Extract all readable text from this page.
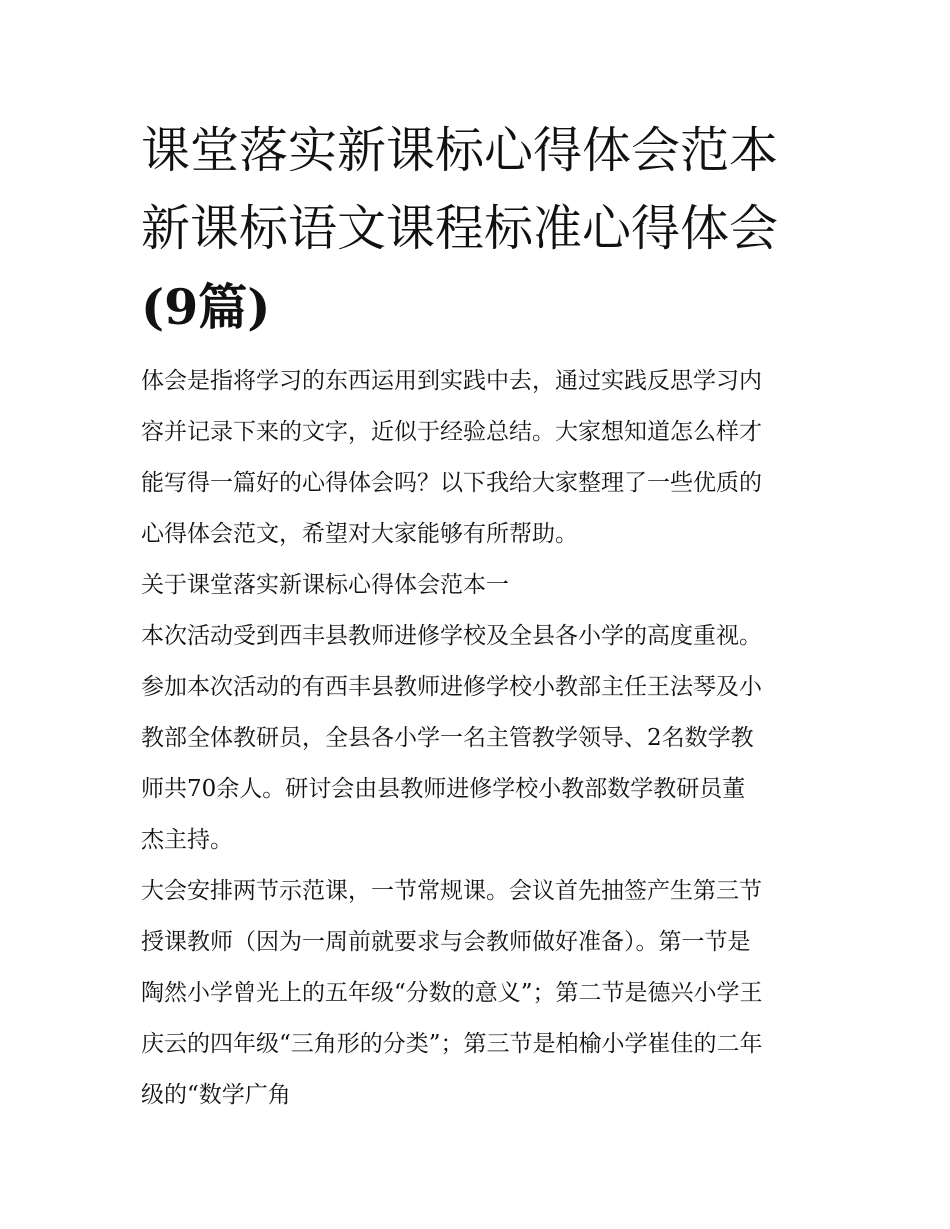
课堂落实新课标心得体会范本
新课标语文课程标准心得体会
(9篇)

体会是指将学习的东西运用到实践中去，通过实践反思学习内
容并记录下来的文字，近似于经验总结。大家想知道怎么样才
能写得一篇好的心得体会吗？以下我给大家整理了一些优质的
心得体会范文，希望对大家能够有所帮助。

关于课堂落实新课标心得体会范本一

本次活动受到西丰县教师进修学校及全县各小学的高度重视。
参加本次活动的有西丰县教师进修学校小教部主任王法琴及小
教部全体教研员，全县各小学一名主管教学领导、2名数学教
师共70余人。研讨会由县教师进修学校小教部数学教研员董
杰主持。

大会安排两节示范课，一节常规课。会议首先抽签产生第三节
授课教师（因为一周前就要求与会教师做好准备）。第一节是
陶然小学曾光上的五年级“分数的意义”；第二节是德兴小学王
庆云的四年级“三角形的分类”；第三节是柏榆小学崔佳的二年
级的“数学广角
